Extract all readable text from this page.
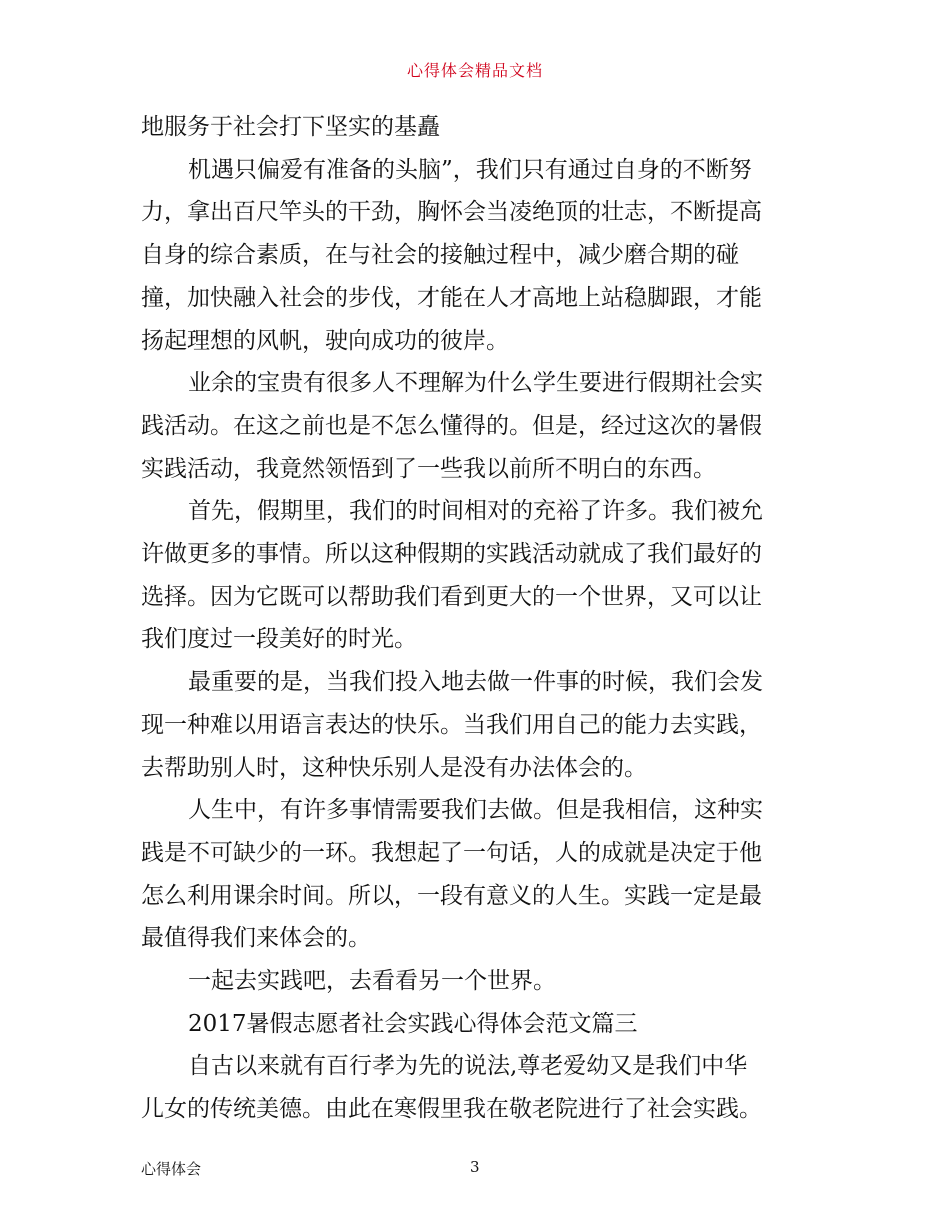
心得体会精品文档

地服务于社会打下坚实的基矗

机遇只偏爱有准备的头脑”，我们只有通过自身的不断努

力，拿出百尺竿头的干劲，胸怀会当凌绝顶的壮志，不断提高

自身的综合素质，在与社会的接触过程中，减少磨合期的碰

撞，加快融入社会的步伐，才能在人才高地上站稳脚跟，才能

扬起理想的风帆，驶向成功的彼岸。

业余的宝贵有很多人不理解为什么学生要进行假期社会实

践活动。在这之前也是不怎么懂得的。但是，经过这次的暑假

实践活动，我竟然领悟到了一些我以前所不明白的东西。

首先，假期里，我们的时间相对的充裕了许多。我们被允

许做更多的事情。所以这种假期的实践活动就成了我们最好的

选择。因为它既可以帮助我们看到更大的一个世界，又可以让

我们度过一段美好的时光。

最重要的是，当我们投入地去做一件事的时候，我们会发

现一种难以用语言表达的快乐。当我们用自己的能力去实践，

去帮助别人时，这种快乐别人是没有办法体会的。

人生中，有许多事情需要我们去做。但是我相信，这种实

践是不可缺少的一环。我想起了一句话，人的成就是决定于他

怎么利用课余时间。所以，一段有意义的人生。实践一定是最

最值得我们来体会的。

一起去实践吧，去看看另一个世界。

2017暑假志愿者社会实践心得体会范文篇三

自古以来就有百行孝为先的说法,尊老爱幼又是我们中华

儿女的传统美德。由此在寒假里我在敬老院进行了社会实践。

心得体会	3
